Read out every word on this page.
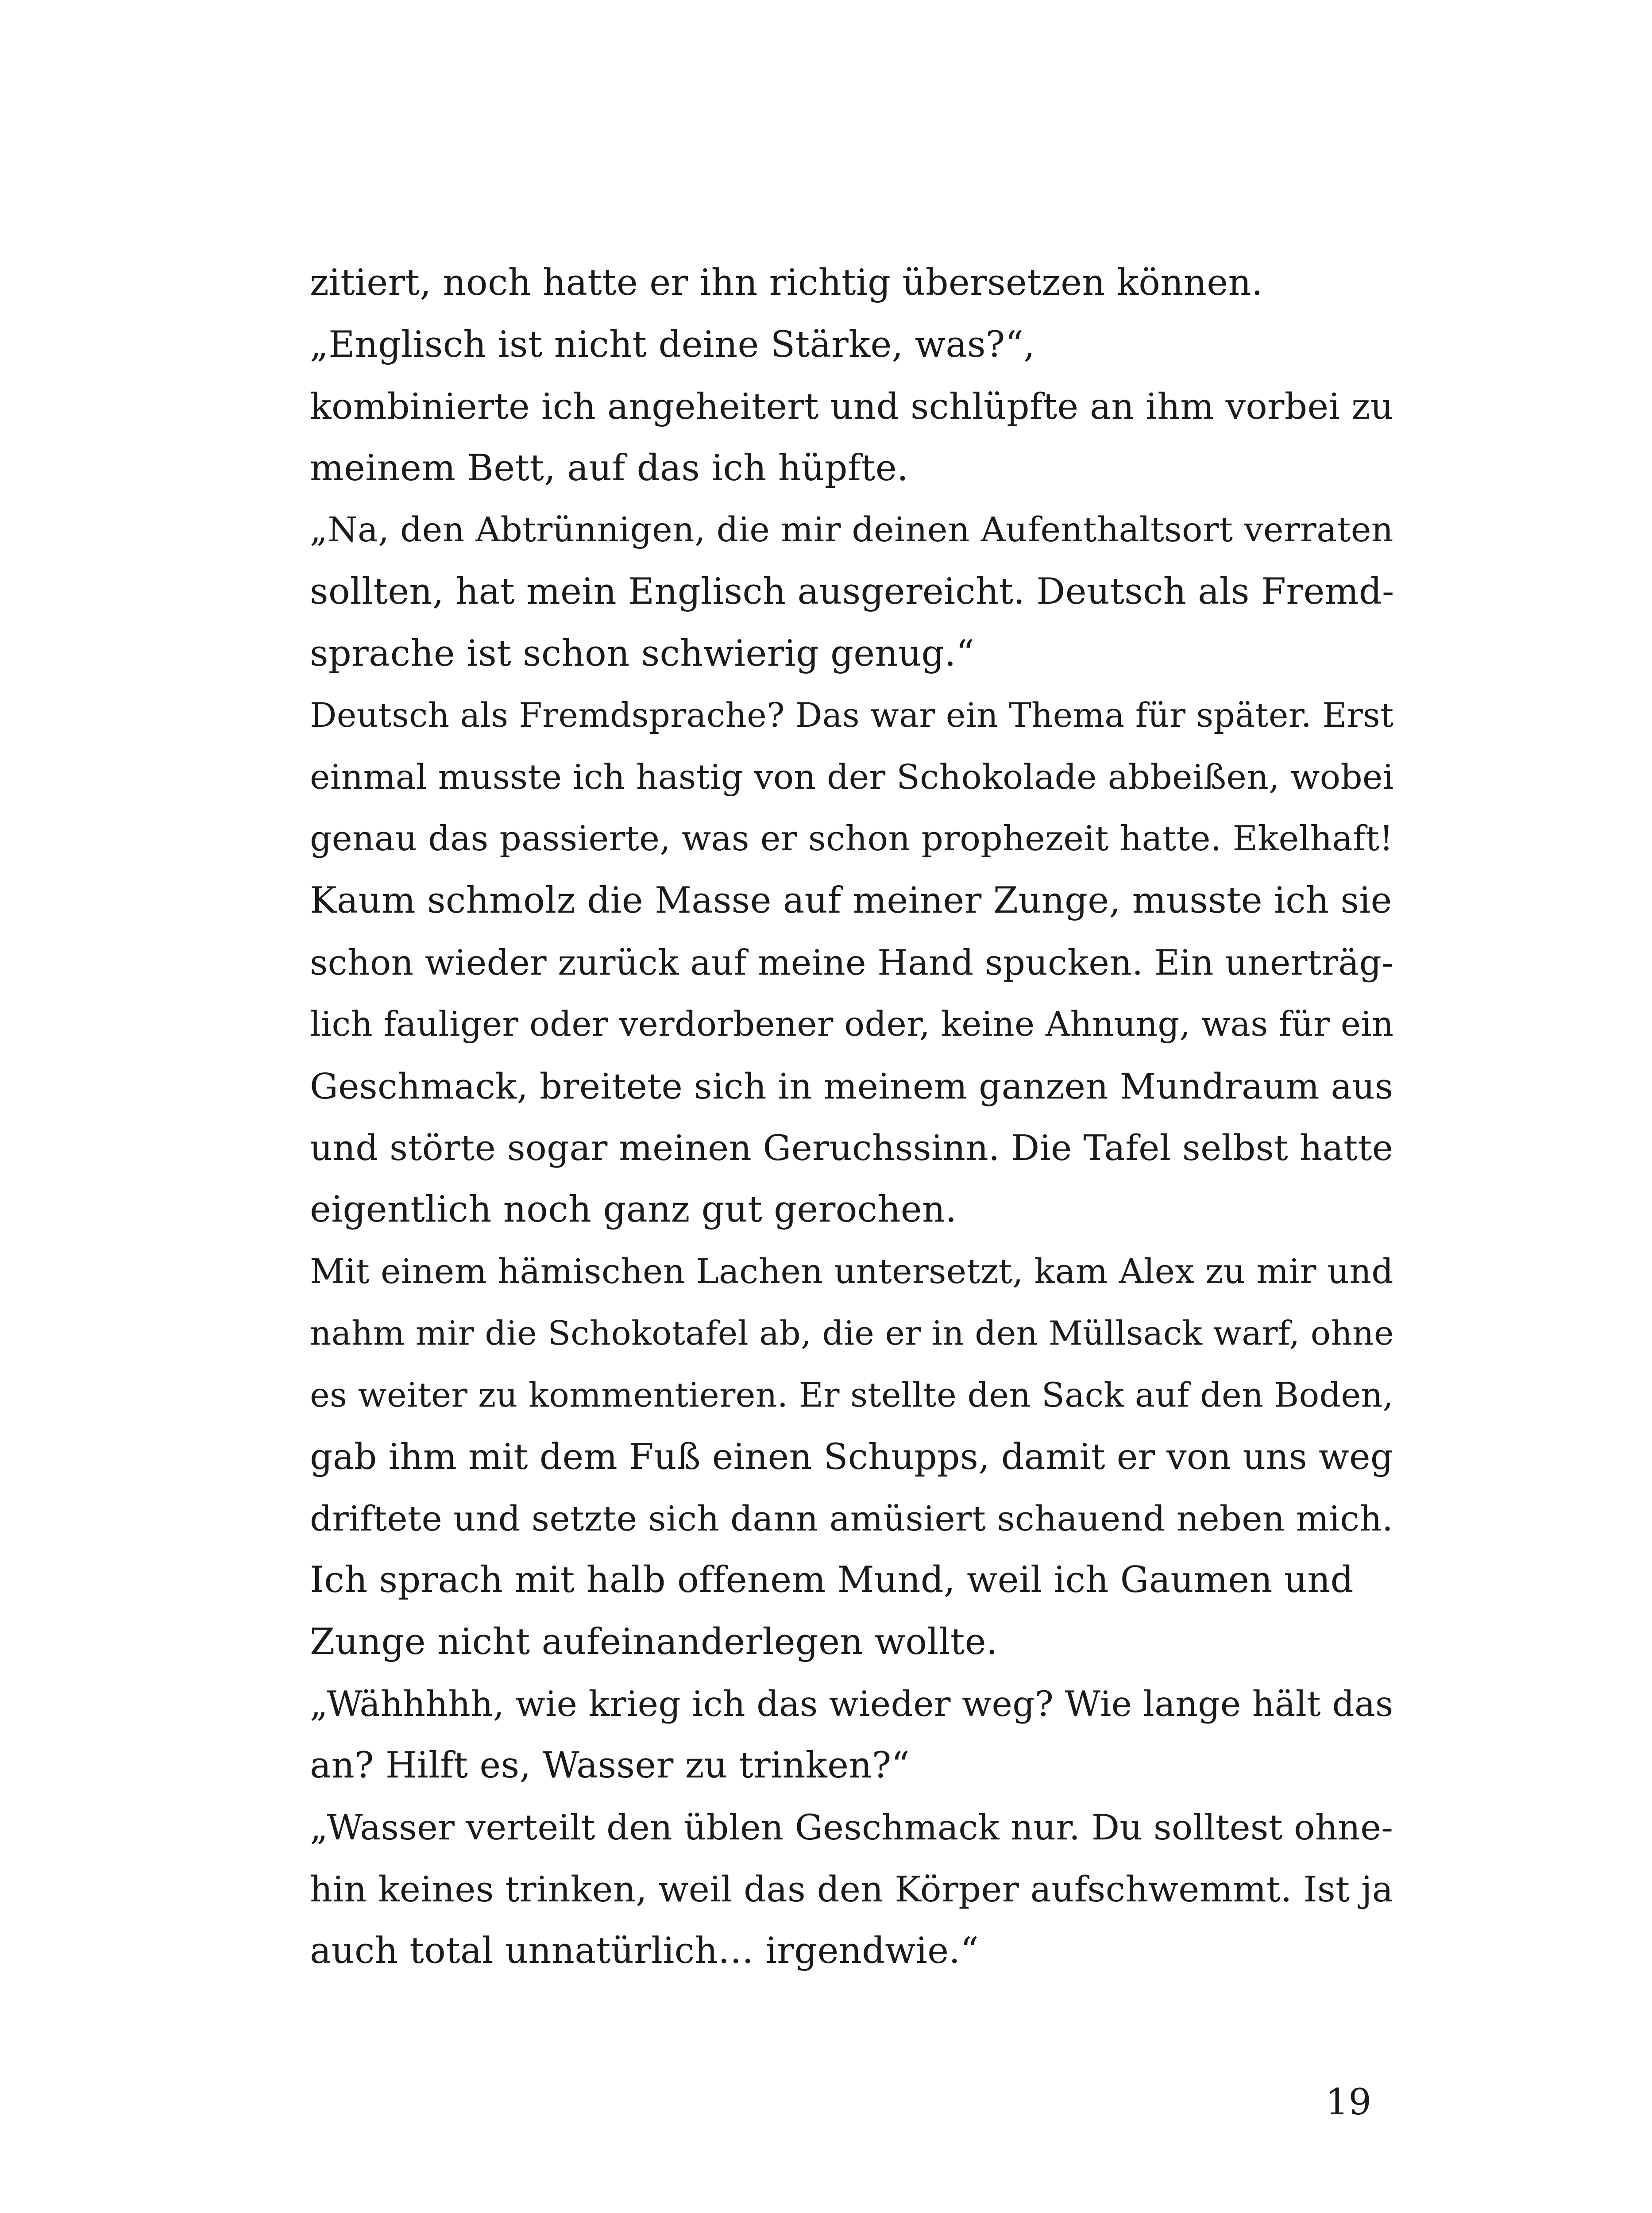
zitiert, noch hatte er ihn richtig übersetzen können.
„Englisch ist nicht deine Stärke, was?“,
kombinierte ich angeheitert und schlüpfte an ihm vorbei zu
meinem Bett, auf das ich hüpfte.
„Na, den Abtrünnigen, die mir deinen Aufenthaltsort verraten
sollten, hat mein Englisch ausgereicht. Deutsch als Fremd-
sprache ist schon schwierig genug.“
Deutsch als Fremdsprache? Das war ein Thema für später. Erst
einmal musste ich hastig von der Schokolade abbeißen, wobei
genau das passierte, was er schon prophezeit hatte. Ekelhaft!
Kaum schmolz die Masse auf meiner Zunge, musste ich sie
schon wieder zurück auf meine Hand spucken. Ein unerträg-
lich fauliger oder verdorbener oder, keine Ahnung, was für ein
Geschmack, breitete sich in meinem ganzen Mundraum aus
und störte sogar meinen Geruchssinn. Die Tafel selbst hatte
eigentlich noch ganz gut gerochen.
Mit einem hämischen Lachen untersetzt, kam Alex zu mir und
nahm mir die Schokotafel ab, die er in den Müllsack warf, ohne
es weiter zu kommentieren. Er stellte den Sack auf den Boden,
gab ihm mit dem Fuß einen Schupps, damit er von uns weg
driftete und setzte sich dann amüsiert schauend neben mich.
Ich sprach mit halb offenem Mund, weil ich Gaumen und
Zunge nicht aufeinanderlegen wollte.
„Wähhhhh, wie krieg ich das wieder weg? Wie lange hält das
an? Hilft es, Wasser zu trinken?“
„Wasser verteilt den üblen Geschmack nur. Du solltest ohne-
hin keines trinken, weil das den Körper aufschwemmt. Ist ja
auch total unnatürlich… irgendwie.“
19
